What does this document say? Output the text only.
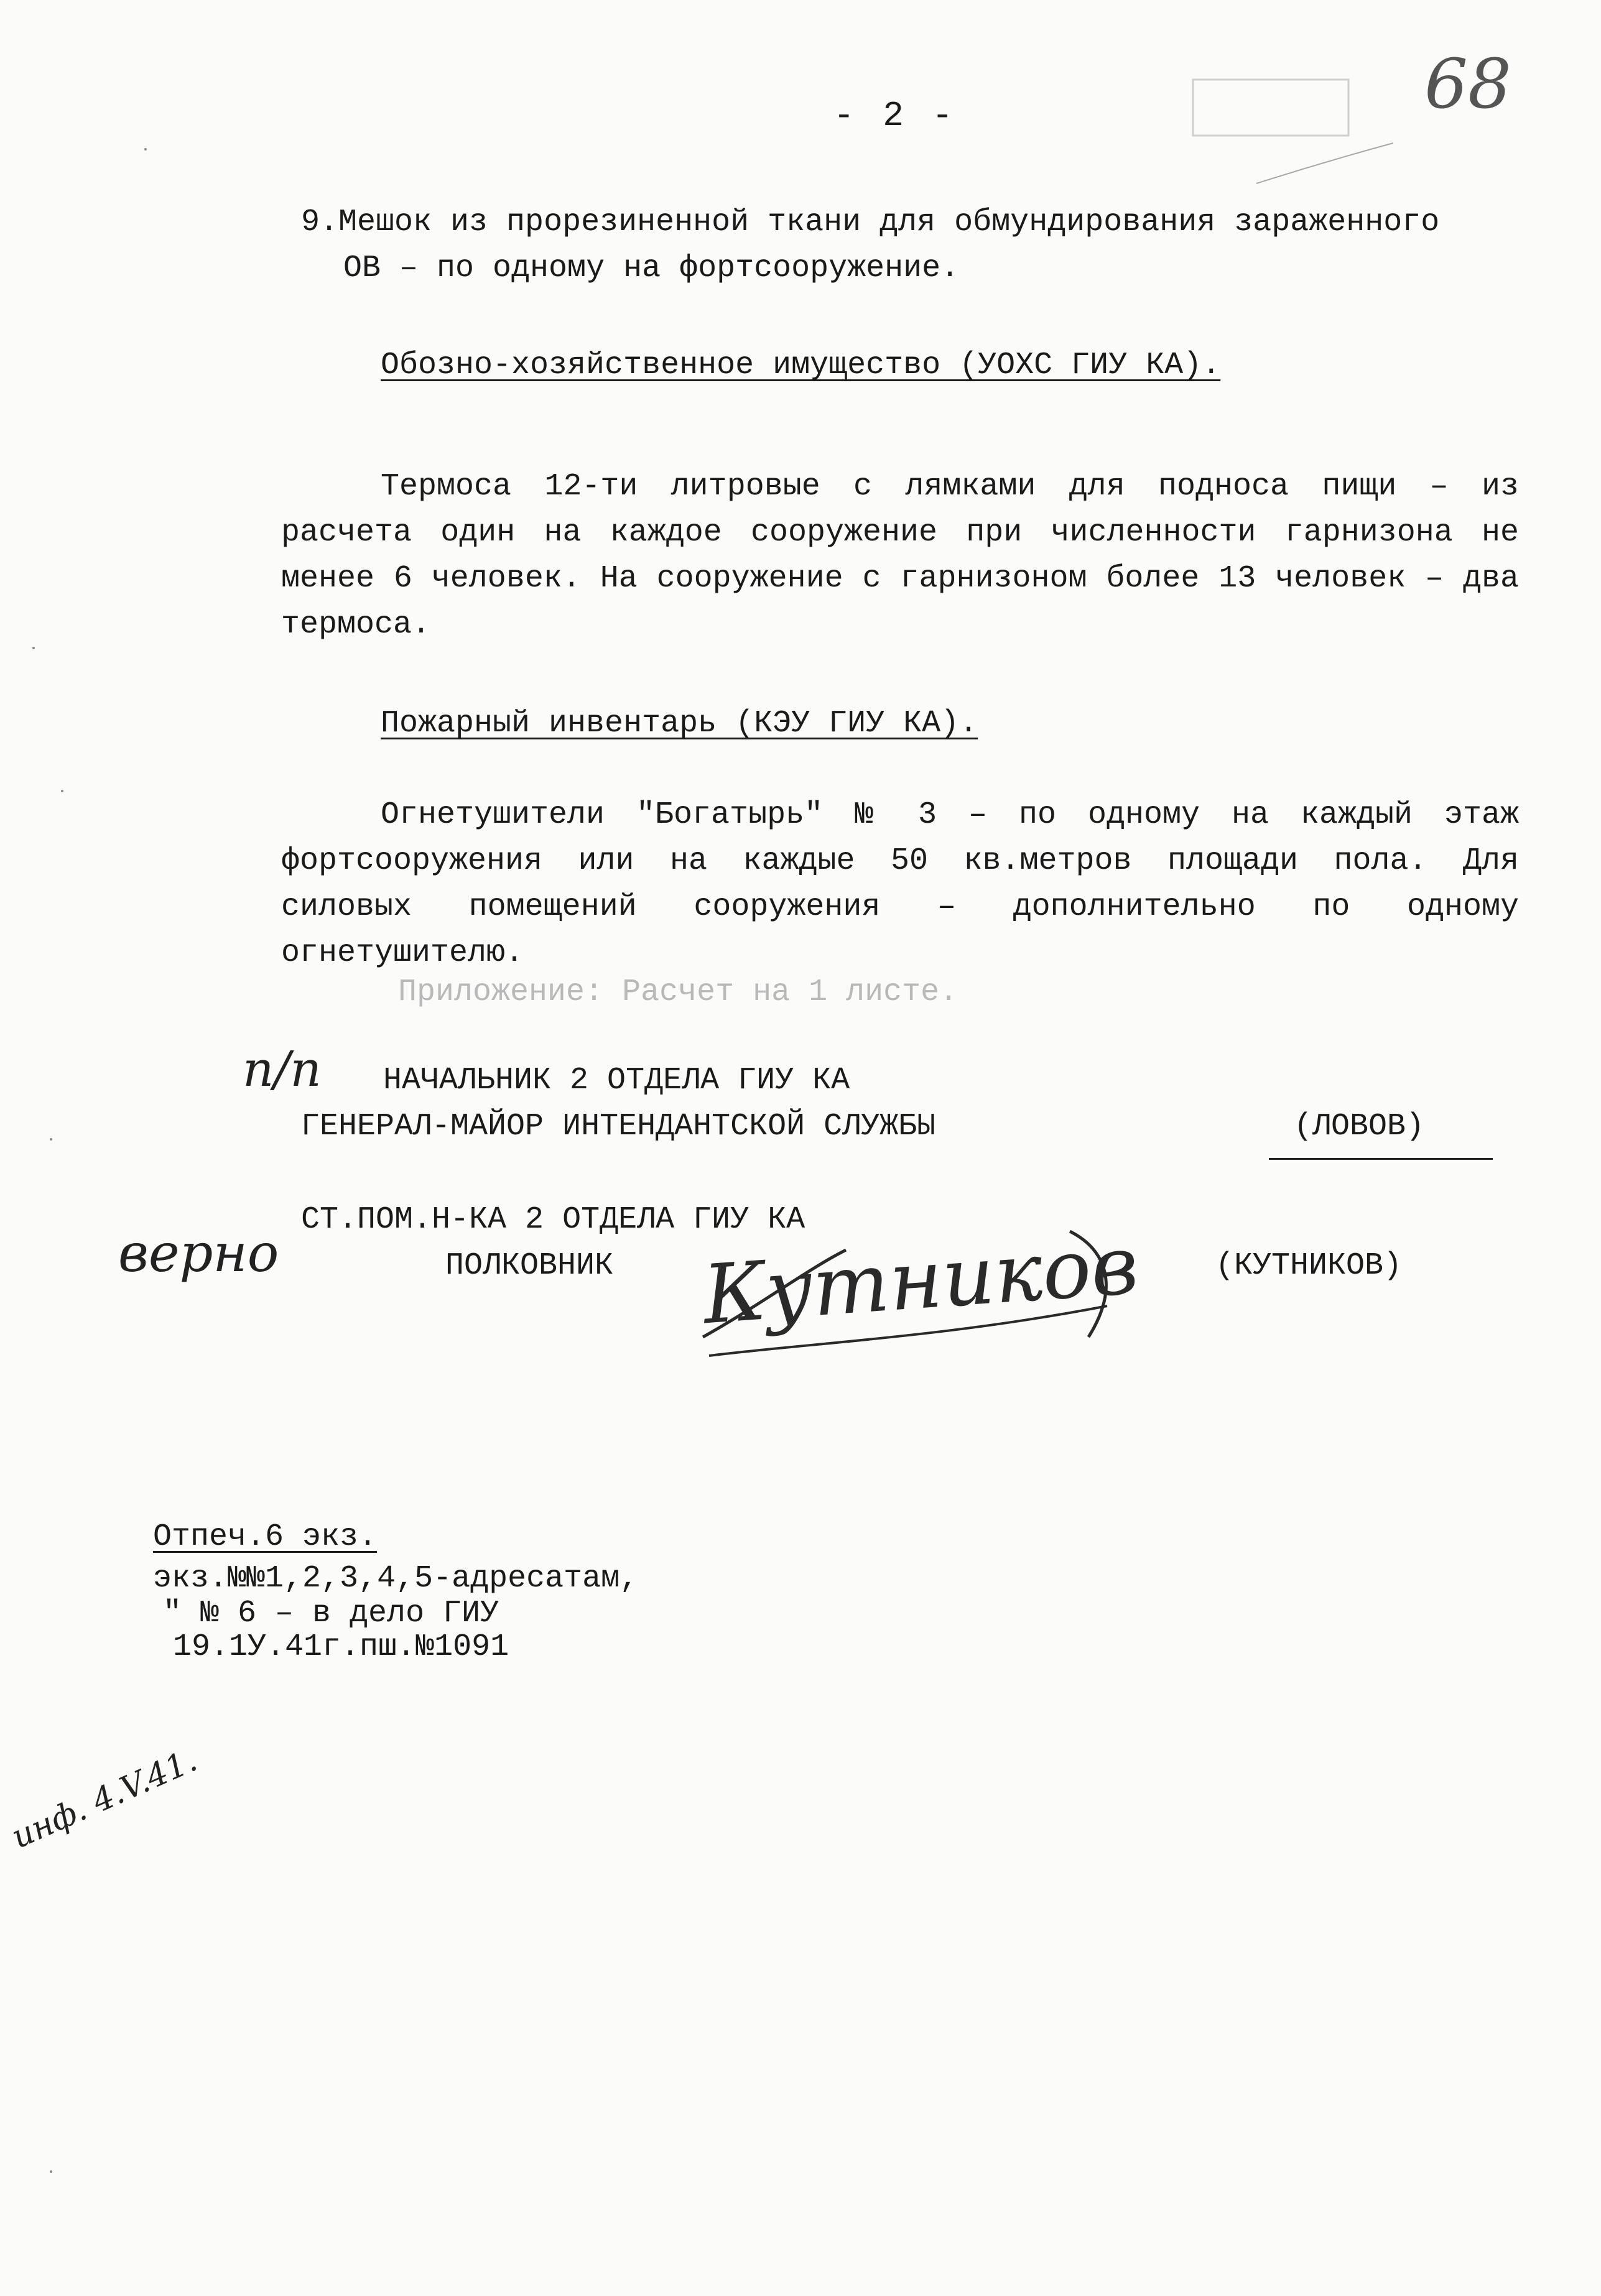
- 2 -	68
9.Мешок из прорезиненной ткани для обмундирования зараженного
ОВ – по одному на фортсооружение.
Обозно-хозяйственное имущество (УОХС ГИУ КА).
Термоса 12-ти литровые с лямками для подноса пищи – из расчета один на каждое сооружение при численности гарнизона не менее 6 человек. На сооружение с гарнизоном более 13 человек – два термоса.
Пожарный инвентарь (КЭУ ГИУ КА).
Огнетушители "Богатырь" № 3 – по одному на каждый этаж фортсооружения или на каждые 50 кв.метров площади пола. Для силовых помещений сооружения – дополнительно по одному огнетушителю.
Приложение: Расчет на 1 листе.
п/п НАЧАЛЬНИК 2 ОТДЕЛА ГИУ КА
ГЕНЕРАЛ-МАЙОР ИНТЕНДАНТСКОЙ СЛУЖБЫ	(ЛОВОВ)
верно
СТ.ПОМ.Н-КА 2 ОТДЕЛА ГИУ КА
ПОЛКОВНИК	(КУТНИКОВ)
Кутников
Отпеч.6 экз.
экз.№№1,2,3,4,5-адресатам,
" № 6 – в дело ГИУ
19.1У.41г.пш.№1091
инф. 4.V.41.
